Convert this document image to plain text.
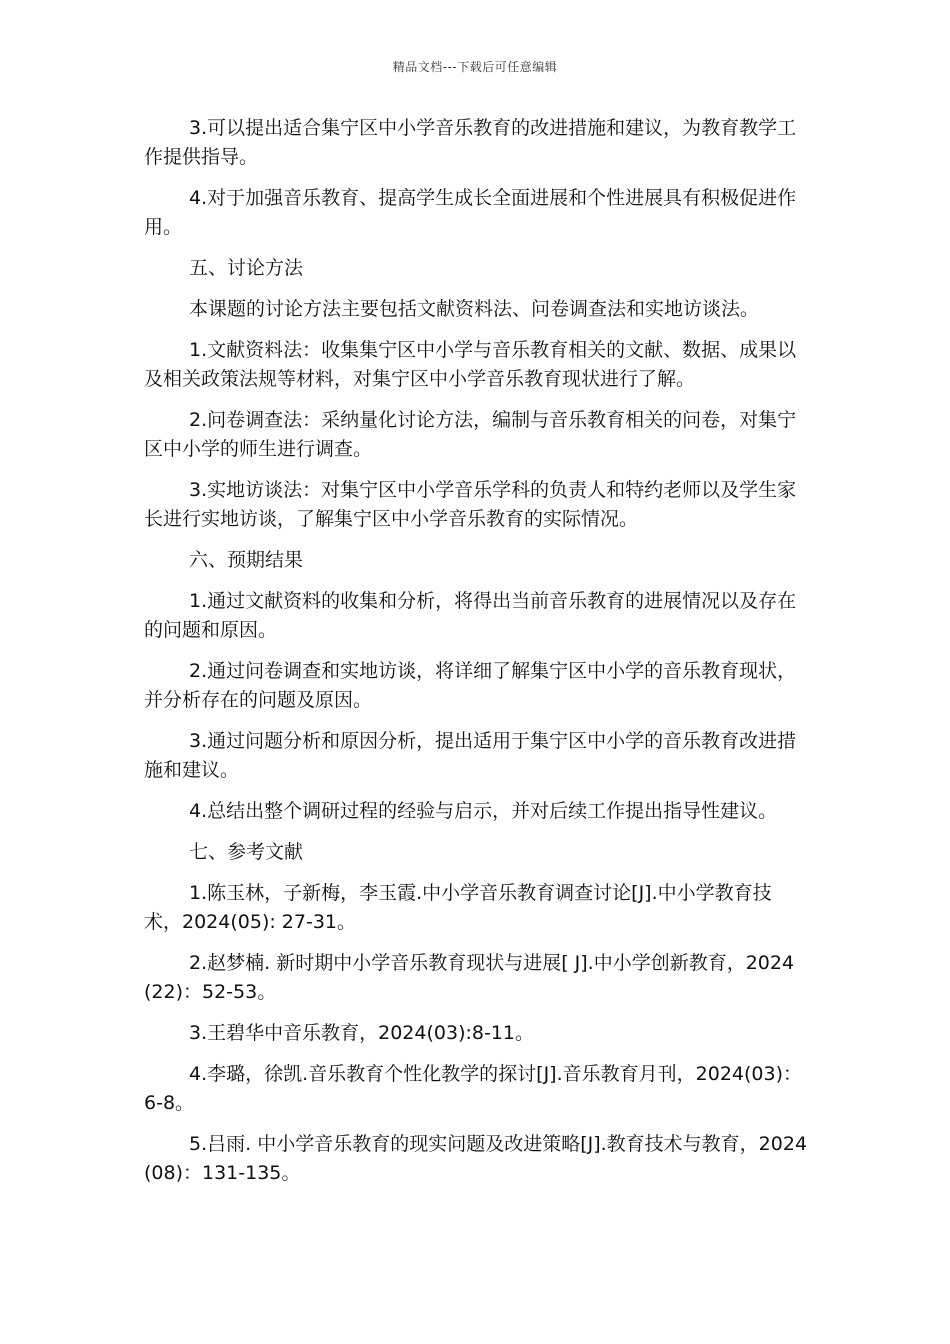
精品文档---下载后可任意编辑

3.可以提出适合集宁区中小学音乐教育的改进措施和建议，为教育教学工作提供指导。

4.对于加强音乐教育、提高学生成长全面进展和个性进展具有积极促进作用。

五、讨论方法

本课题的讨论方法主要包括文献资料法、问卷调查法和实地访谈法。

1.文献资料法：收集集宁区中小学与音乐教育相关的文献、数据、成果以及相关政策法规等材料，对集宁区中小学音乐教育现状进行了解。

2.问卷调查法：采纳量化讨论方法，编制与音乐教育相关的问卷，对集宁区中小学的师生进行调查。

3.实地访谈法：对集宁区中小学音乐学科的负责人和特约老师以及学生家长进行实地访谈，了解集宁区中小学音乐教育的实际情况。

六、预期结果

1.通过文献资料的收集和分析，将得出当前音乐教育的进展情况以及存在的问题和原因。

2.通过问卷调查和实地访谈，将详细了解集宁区中小学的音乐教育现状，并分析存在的问题及原因。

3.通过问题分析和原因分析，提出适用于集宁区中小学的音乐教育改进措施和建议。

4.总结出整个调研过程的经验与启示，并对后续工作提出指导性建议。

七、参考文献

1.陈玉林，子新梅，李玉霞.中小学音乐教育调查讨论[J].中小学教育技术，2024(05): 27-31。

2.赵梦楠. 新时期中小学音乐教育现状与进展[ J].中小学创新教育，2024(22)：52-53。

3.王碧华中音乐教育，2024(03):8-11。

4.李璐，徐凯.音乐教育个性化教学的探讨[J].音乐教育月刊，2024(03)：6-8。

5.吕雨. 中小学音乐教育的现实问题及改进策略[J].教育技术与教育，2024(08)：131-135。
